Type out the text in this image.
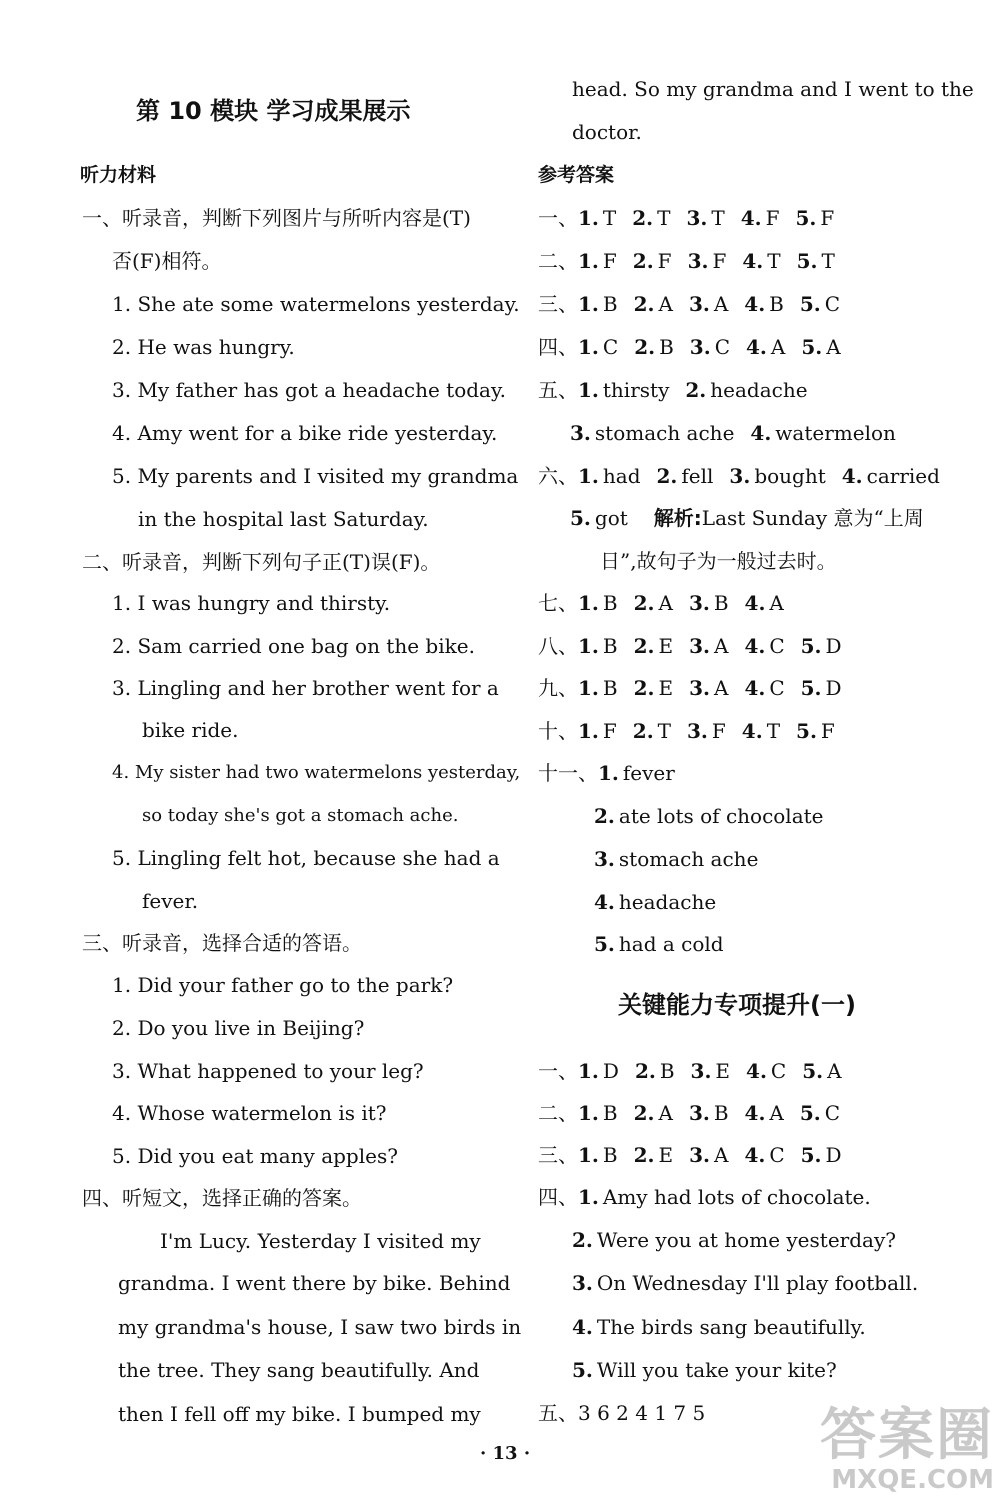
第 10 模块 学习成果展示
听力材料
一、听录音，判断下列图片与所听内容是(T)
否(F)相符。
1. She ate some watermelons yesterday.
2. He was hungry.
3. My father has got a headache today.
4. Amy went for a bike ride yesterday.
5. My parents and I visited my grandma
in the hospital last Saturday.
二、听录音，判断下列句子正(T)误(F)。
1. I was hungry and thirsty.
2. Sam carried one bag on the bike.
3. Lingling and her brother went for a
bike ride.
4. My sister had two watermelons yesterday,
so today she's got a stomach ache.
5. Lingling felt hot, because she had a
fever.
三、听录音，选择合适的答语。
1. Did your father go to the park?
2. Do you live in Beijing?
3. What happened to your leg?
4. Whose watermelon is it?
5. Did you eat many apples?
四、听短文，选择正确的答案。
I'm Lucy. Yesterday I visited my
grandma. I went there by bike. Behind
my grandma's house, I saw two birds in
the tree. They sang beautifully. And
then I fell off my bike. I bumped my
head. So my grandma and I went to the
doctor.
参考答案
一、1. T 2. T 3. T 4. F 5. F
二、1. F 2. F 3. F 4. T 5. T
三、1. B 2. A 3. A 4. B 5. C
四、1. C 2. B 3. C 4. A 5. A
五、1. thirsty 2. headache
3. stomach ache 4. watermelon
六、1. had 2. fell 3. bought 4. carried
5. got 解析:Last Sunday 意为“上周
日”,故句子为一般过去时。
七、1. B 2. A 3. B 4. A
八、1. B 2. E 3. A 4. C 5. D
九、1. B 2. E 3. A 4. C 5. D
十、1. F 2. T 3. F 4. T 5. F
十一、1. fever
2. ate lots of chocolate
3. stomach ache
4. headache
5. had a cold
一、1. D 2. B 3. E 4. C 5. A
二、1. B 2. A 3. B 4. A 5. C
三、1. B 2. E 3. A 4. C 5. D
四、1. Amy had lots of chocolate.
2. Were you at home yesterday?
3. On Wednesday I'll play football.
4. The birds sang beautifully.
5. Will you take your kite?
关键能力专项提升(一)
五、3 6 2 4 1 7 5
· 13 ·	答案圈
MXQE.COM
